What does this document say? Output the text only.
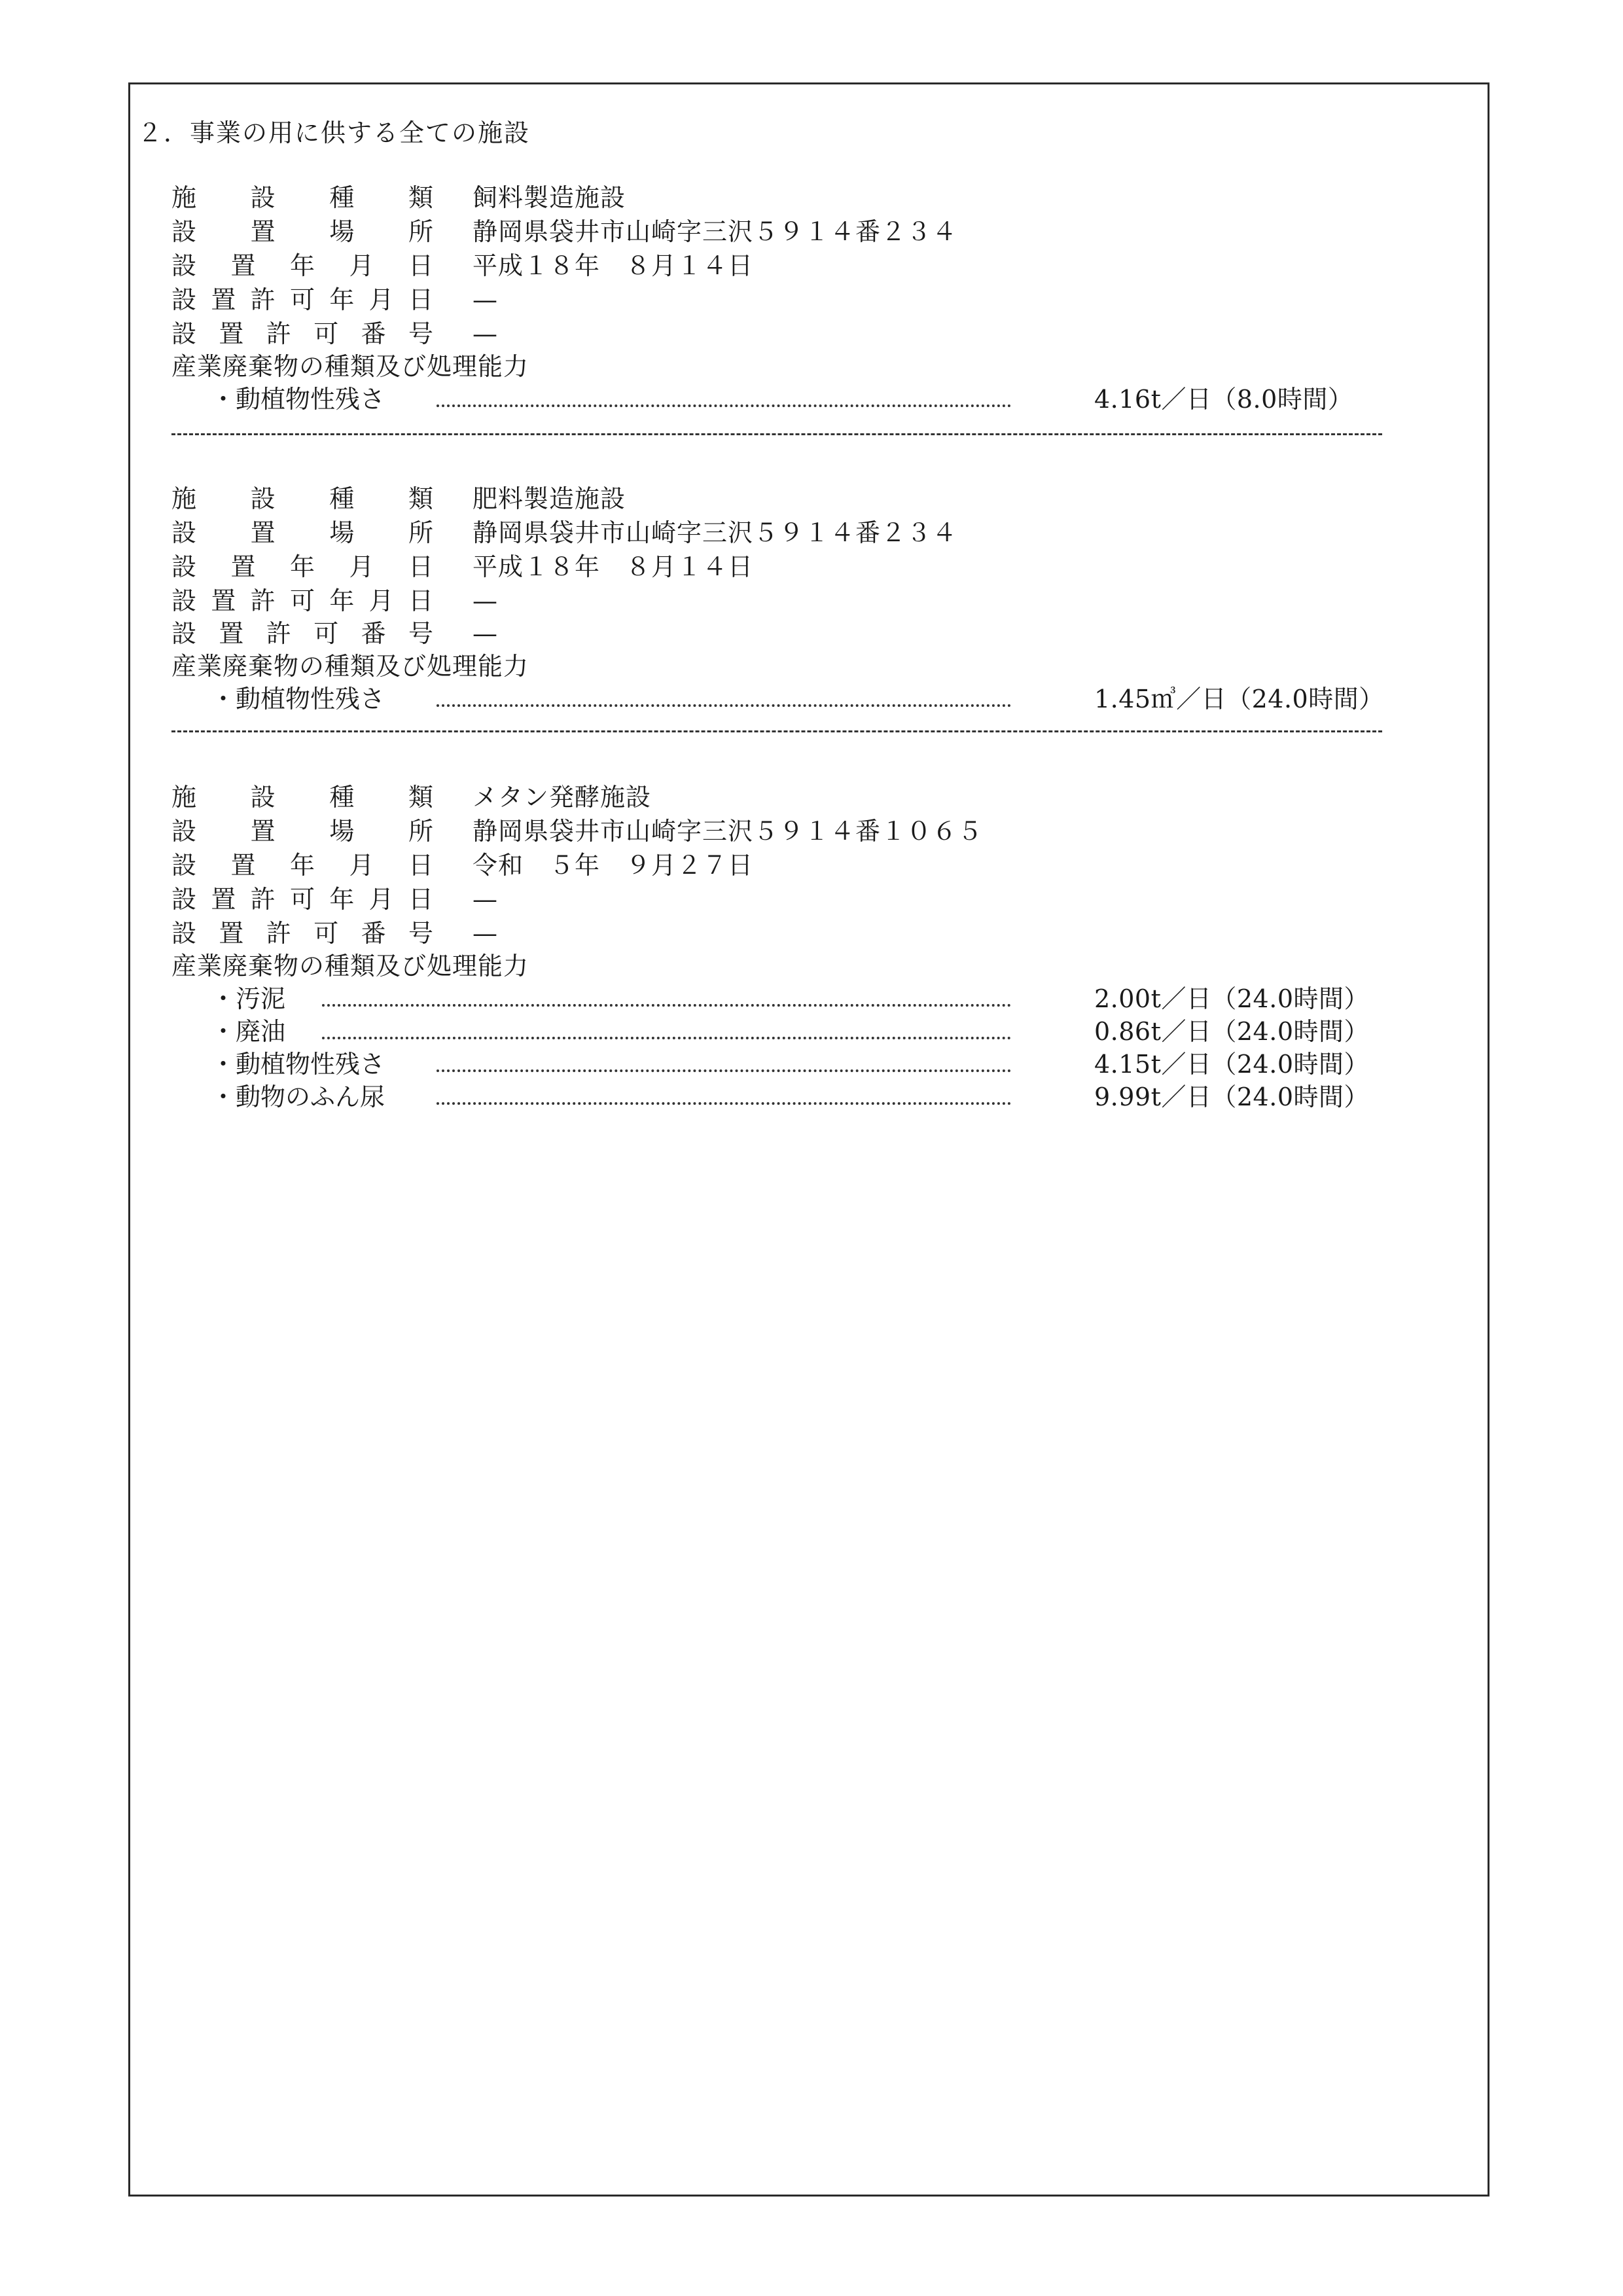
２．事業の用に供する全ての施設
施設種類 飼料製造施設
設置場所 静岡県袋井市山崎字三沢５９１４番２３４
設置年月日 平成１８年　８月１４日
設置許可年月日 —
設置許可番号 —
産業廃棄物の種類及び処理能力
・動植物性残さ	4.16t／日（8.0時間）
施設種類 肥料製造施設
設置場所 静岡県袋井市山崎字三沢５９１４番２３４
設置年月日 平成１８年　８月１４日
設置許可年月日 —
設置許可番号 —
産業廃棄物の種類及び処理能力
・動植物性残さ	1.45㎥／日（24.0時間）
施設種類 メタン発酵施設
設置場所 静岡県袋井市山崎字三沢５９１４番１０６５
設置年月日 令和　５年　９月２７日
設置許可年月日 —
設置許可番号 —
産業廃棄物の種類及び処理能力
・汚泥	2.00t／日（24.0時間）
・廃油	0.86t／日（24.0時間）
・動植物性残さ	4.15t／日（24.0時間）
・動物のふん尿	9.99t／日（24.0時間）
